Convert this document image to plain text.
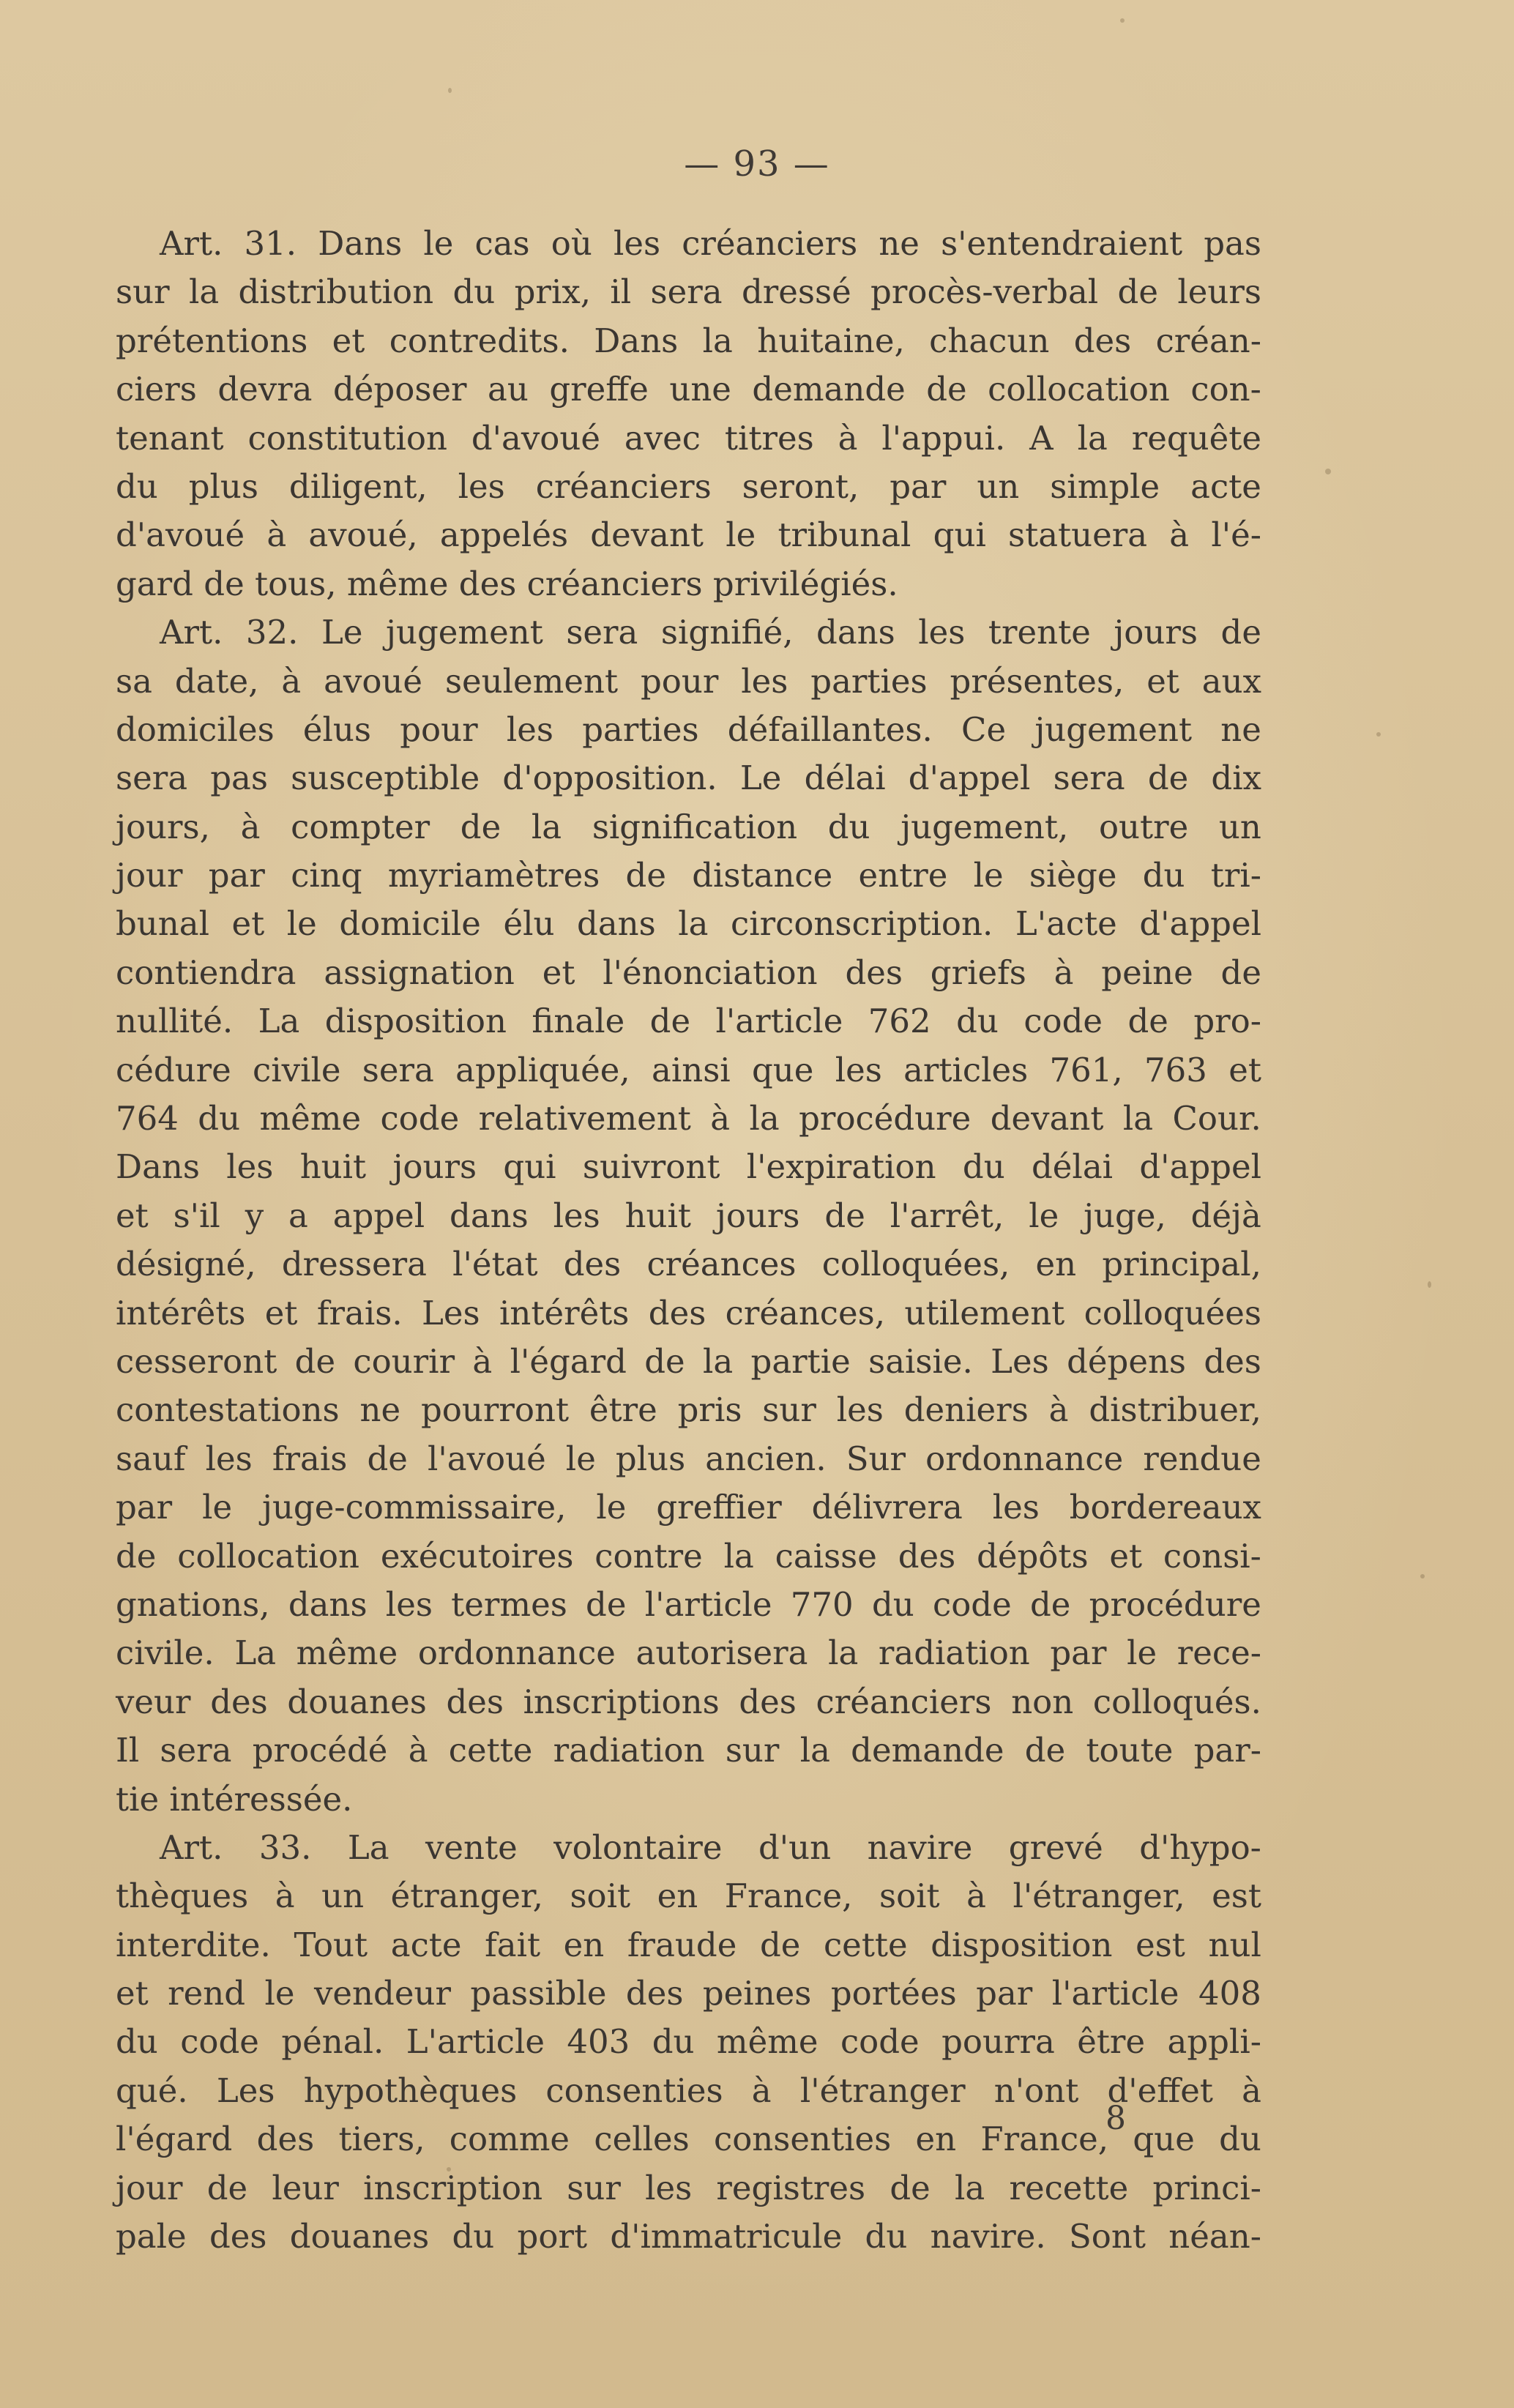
— 93 —
Art. 31. Dans le cas où les créanciers ne s'entendraient pas
sur la distribution du prix, il sera dressé procès-verbal de leurs
prétentions et contredits. Dans la huitaine, chacun des créan-
ciers devra déposer au greffe une demande de collocation con-
tenant constitution d'avoué avec titres à l'appui. A la requête
du plus diligent, les créanciers seront, par un simple acte
d'avoué à avoué, appelés devant le tribunal qui statuera à l'é-
gard de tous, même des créanciers privilégiés.
Art. 32. Le jugement sera signifié, dans les trente jours de
sa date, à avoué seulement pour les parties présentes, et aux
domiciles élus pour les parties défaillantes. Ce jugement ne
sera pas susceptible d'opposition. Le délai d'appel sera de dix
jours, à compter de la signification du jugement, outre un
jour par cinq myriamètres de distance entre le siège du tri-
bunal et le domicile élu dans la circonscription. L'acte d'appel
contiendra assignation et l'énonciation des griefs à peine de
nullité. La disposition finale de l'article 762 du code de pro-
cédure civile sera appliquée, ainsi que les articles 761, 763 et
764 du même code relativement à la procédure devant la Cour.
Dans les huit jours qui suivront l'expiration du délai d'appel
et s'il y a appel dans les huit jours de l'arrêt, le juge, déjà
désigné, dressera l'état des créances colloquées, en principal,
intérêts et frais. Les intérêts des créances, utilement colloquées
cesseront de courir à l'égard de la partie saisie. Les dépens des
contestations ne pourront être pris sur les deniers à distribuer,
sauf les frais de l'avoué le plus ancien. Sur ordonnance rendue
par le juge-commissaire, le greffier délivrera les bordereaux
de collocation exécutoires contre la caisse des dépôts et consi-
gnations, dans les termes de l'article 770 du code de procédure
civile. La même ordonnance autorisera la radiation par le rece-
veur des douanes des inscriptions des créanciers non colloqués.
Il sera procédé à cette radiation sur la demande de toute par-
tie intéressée.
Art. 33. La vente volontaire d'un navire grevé d'hypo-
thèques à un étranger, soit en France, soit à l'étranger, est
interdite. Tout acte fait en fraude de cette disposition est nul
et rend le vendeur passible des peines portées par l'article 408
du code pénal. L'article 403 du même code pourra être appli-
qué. Les hypothèques consenties à l'étranger n'ont d'effet à
l'égard des tiers, comme celles consenties en France, que du
jour de leur inscription sur les registres de la recette princi-
pale des douanes du port d'immatricule du navire. Sont néan-
8
